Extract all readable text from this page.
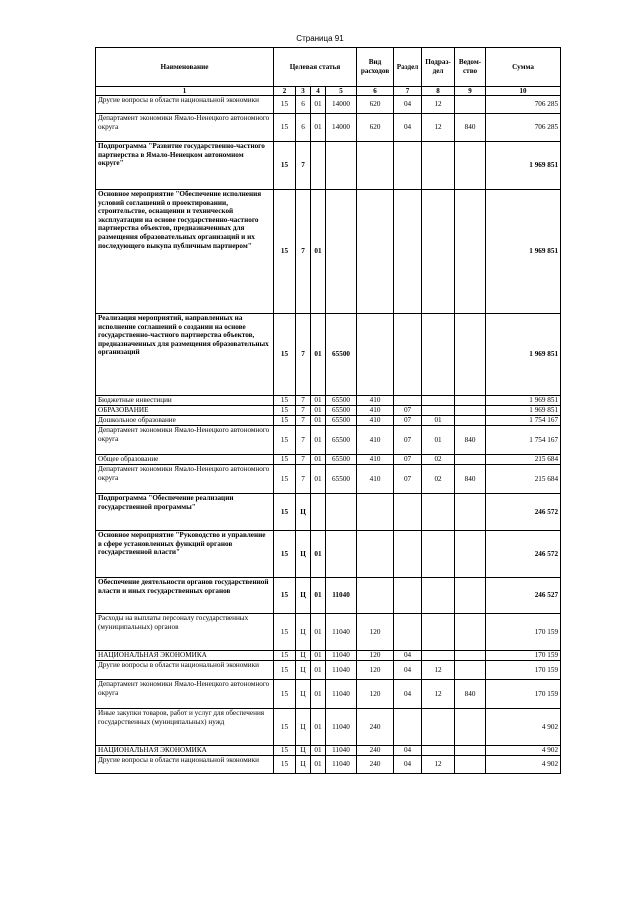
Страница 91
Наименование	Целевая статья				Вид расходов	Раздел	Подраз-дел	Ведом-ство	Сумма
1	2	3	4	5	6	7	8	9	10
Другие вопросы в области национальной экономики	15	6	01	14000	620	04	12		706 285
Департамент экономики Ямало-Ненецкого автономного округа	15	6	01	14000	620	04	12	840	706 285
Подпрограмма "Развитие государственно-частного партнерства в Ямало-Ненецком автономном округе"	15	7							1 969 851
Основное мероприятие "Обеспечение исполнения условий соглашений о проектировании, строительстве, оснащении и технической эксплуатации на основе государственно-частного партнерства объектов, предназначенных для размещения образовательных организаций и их последующего выкупа публичным партнером"	15	7	01						1 969 851
Реализация мероприятий, направленных на исполнение соглашений о создании на основе государственно-частного партнерства объектов, предназначенных для размещения образовательных организаций	15	7	01	65500					1 969 851
Бюджетные инвестиции	15	7	01	65500	410				1 969 851
ОБРАЗОВАНИЕ	15	7	01	65500	410	07			1 969 851
Дошкольное образование	15	7	01	65500	410	07	01		1 754 167
Департамент экономики Ямало-Ненецкого автономного округа	15	7	01	65500	410	07	01	840	1 754 167
Общее образование	15	7	01	65500	410	07	02		215 684
Департамент экономики Ямало-Ненецкого автономного округа	15	7	01	65500	410	07	02	840	215 684
Подпрограмма "Обеспечение реализации государственной программы"	15	Ц							246 572
Основное мероприятие "Руководство и управление в сфере установленных функций органов государственной власти"	15	Ц	01						246 572
Обеспечение деятельности органов государственной власти и иных государственных органов	15	Ц	01	11040					246 527
Расходы на выплаты персоналу государственных (муниципальных) органов	15	Ц	01	11040	120				170 159
НАЦИОНАЛЬНАЯ ЭКОНОМИКА	15	Ц	01	11040	120	04			170 159
Другие вопросы в области национальной экономики	15	Ц	01	11040	120	04	12		170 159
Департамент экономики Ямало-Ненецкого автономного округа	15	Ц	01	11040	120	04	12	840	170 159
Иные закупки товаров, работ и услуг для обеспечения государственных (муниципальных) нужд	15	Ц	01	11040	240				4 902
НАЦИОНАЛЬНАЯ ЭКОНОМИКА	15	Ц	01	11040	240	04			4 902
Другие вопросы в области национальной экономики	15	Ц	01	11040	240	04	12		4 902
